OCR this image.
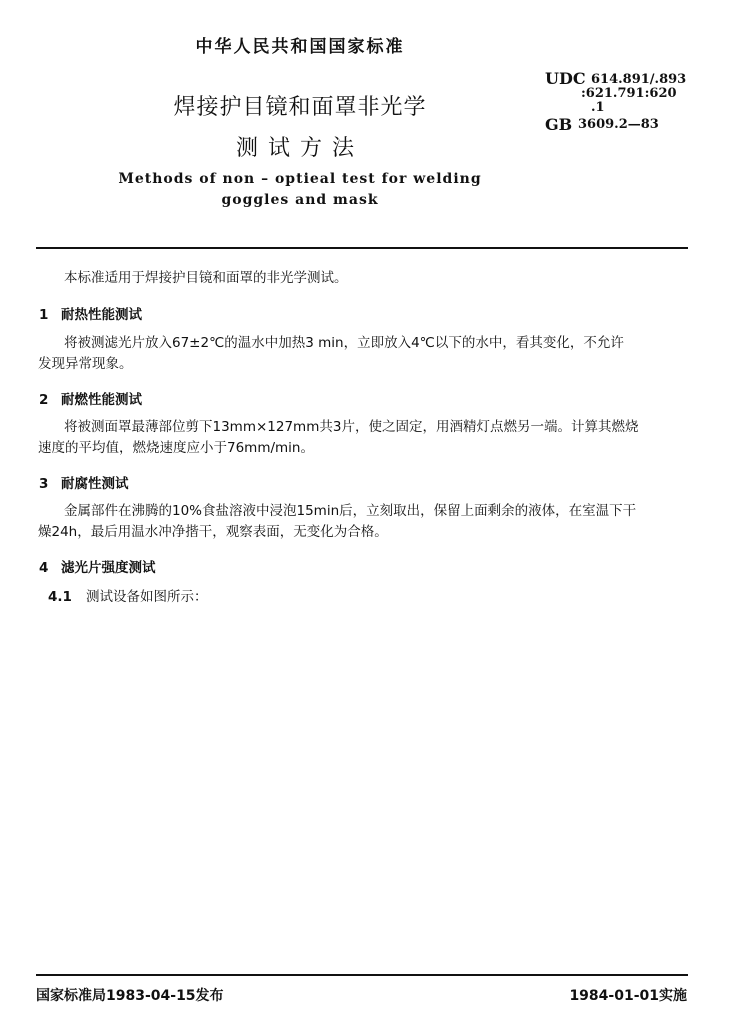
中华人民共和国国家标准
焊接护目镜和面罩非光学
测试方法
Methods of non – optieal test for welding
goggles and mask
UDC 614.891/.893
:621.791:620
.1
GB 3609.2—83
本标准适用于焊接护目镜和面罩的非光学测试。
1 耐热性能测试
将被测滤光片放入67±2℃的温水中加热3 min，立即放入4℃以下的水中，看其变化，不允许
发现异常现象。
2 耐燃性能测试
将被测面罩最薄部位剪下13mm×127mm共3片，使之固定，用酒精灯点燃另一端。计算其燃烧
速度的平均值，燃烧速度应小于76mm/min。
3 耐腐性测试
金属部件在沸腾的10%食盐溶液中浸泡15min后，立刻取出，保留上面剩余的液体，在室温下干
燥24h，最后用温水冲净揩干，观察表面，无变化为合格。
4 滤光片强度测试
4.1 测试设备如图所示：
国家标准局1983-04-15发布	1984-01-01实施
